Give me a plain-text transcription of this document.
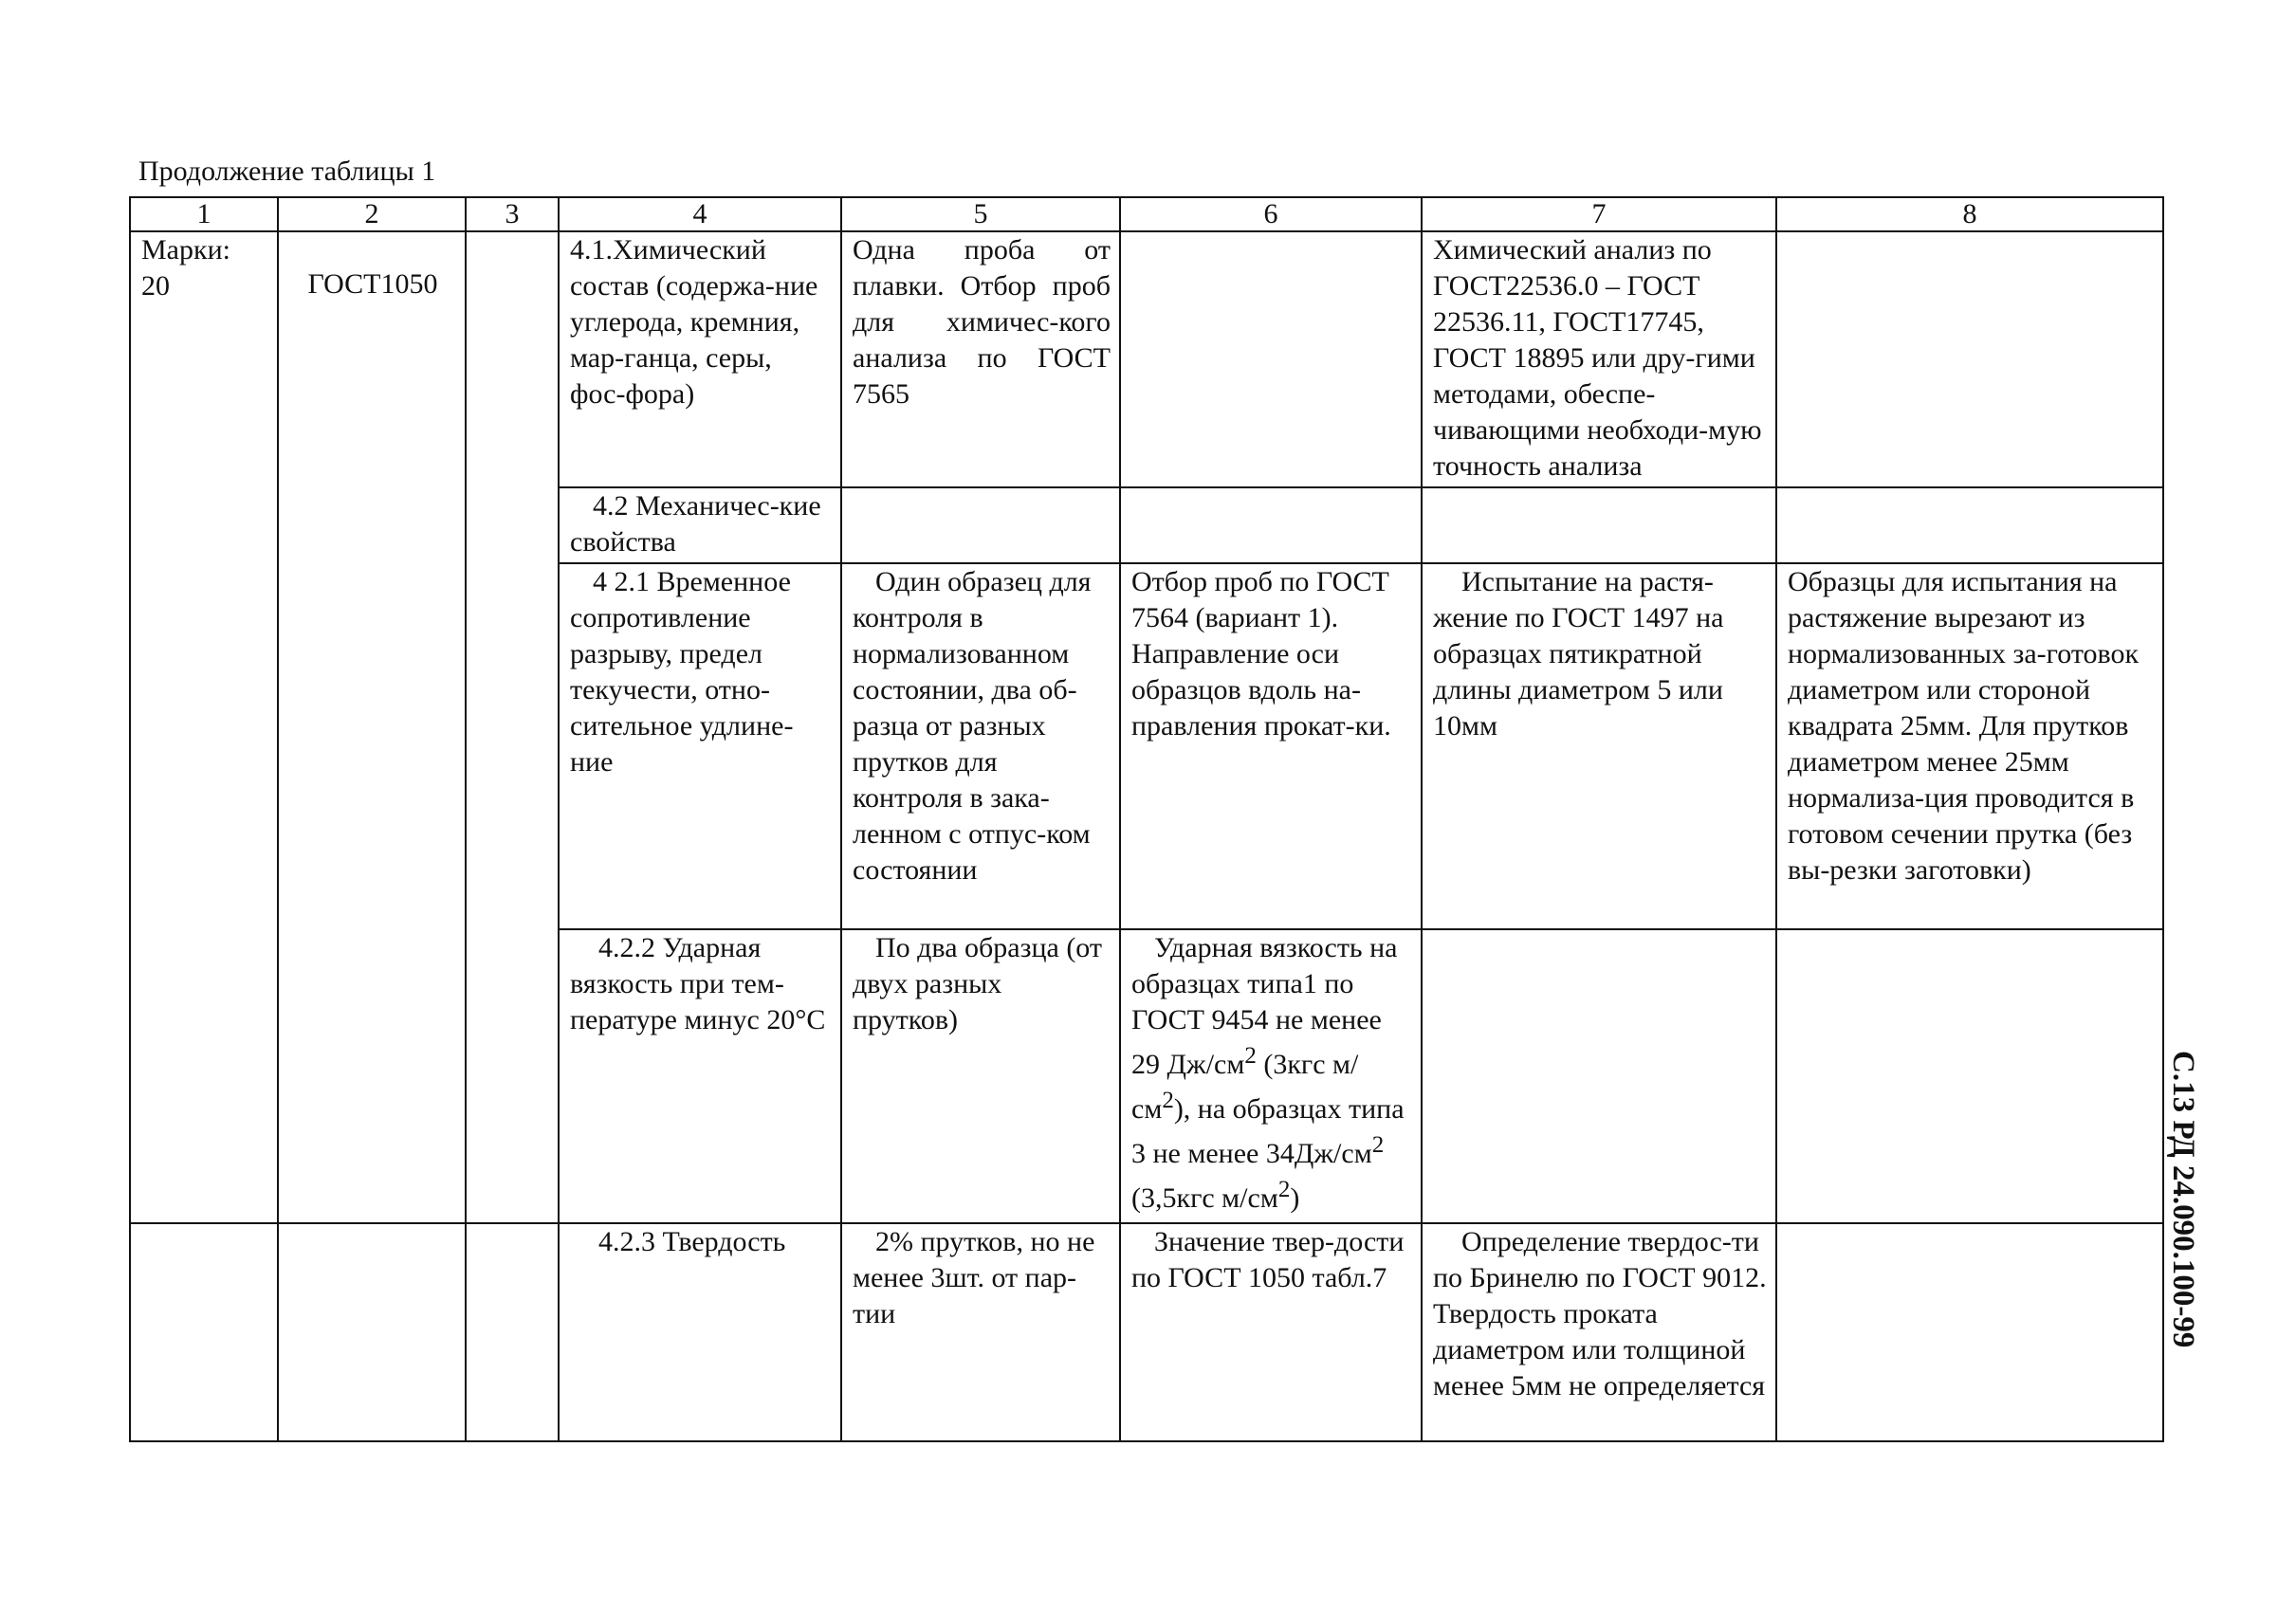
Продолжение таблицы 1
1	2	3	4	5	6	7	8
Марки:
20	ГОСТ1050		4.1.Химический состав (содержа-ние углерода, кремния, мар-ганца, серы, фос-фора)	Одна проба от плавки. Отбор проб для химичес-кого анализа по ГОСТ 7565		Химический анализ по ГОСТ22536.0 – ГОСТ 22536.11, ГОСТ17745, ГОСТ 18895 или дру-гими методами, обеспе-чивающими необходи-мую точность анализа	
			4.2 Механичес-кие свойства				
			4 2.1 Временное сопротивление разрыву, предел текучести, отно-сительное удлине-ние	Один образец для контроля в нормализованном состоянии, два об-разца от разных прутков для контроля в зака-ленном с отпус-ком состоянии	Отбор проб по ГОСТ 7564 (вариант 1). Направление оси образцов вдоль на-правления прокат-ки.	Испытание на растя-жение по ГОСТ 1497 на образцах пятикратной длины диаметром 5 или 10мм	Образцы для испытания на растяжение вырезают из нормализованных за-готовок диаметром или стороной квадрата 25мм. Для прутков диаметром менее 25мм нормализа-ция проводится в готовом сечении прутка (без вы-резки заготовки)
			4.2.2 Ударная вязкость при тем-пературе минус 20°С	По два образца (от двух разных прутков)	Ударная вязкость на образцах типа1 по ГОСТ 9454 не менее 29 $Дж/см^2$ (3кгс $м/см^2$), на образцах типа 3 не менее $34Дж/см^2$ (3,5кгс $м/см^2$)		
			4.2.3 Твердость	2% прутков, но не менее 3шт. от пар-тии	Значение твер-дости по ГОСТ 1050 табл.7	Определение твердос-ти по Бринелю по ГОСТ 9012. Твердость проката диаметром или толщиной менее 5мм не определяется	
С.13 РД 24.090.100-99
